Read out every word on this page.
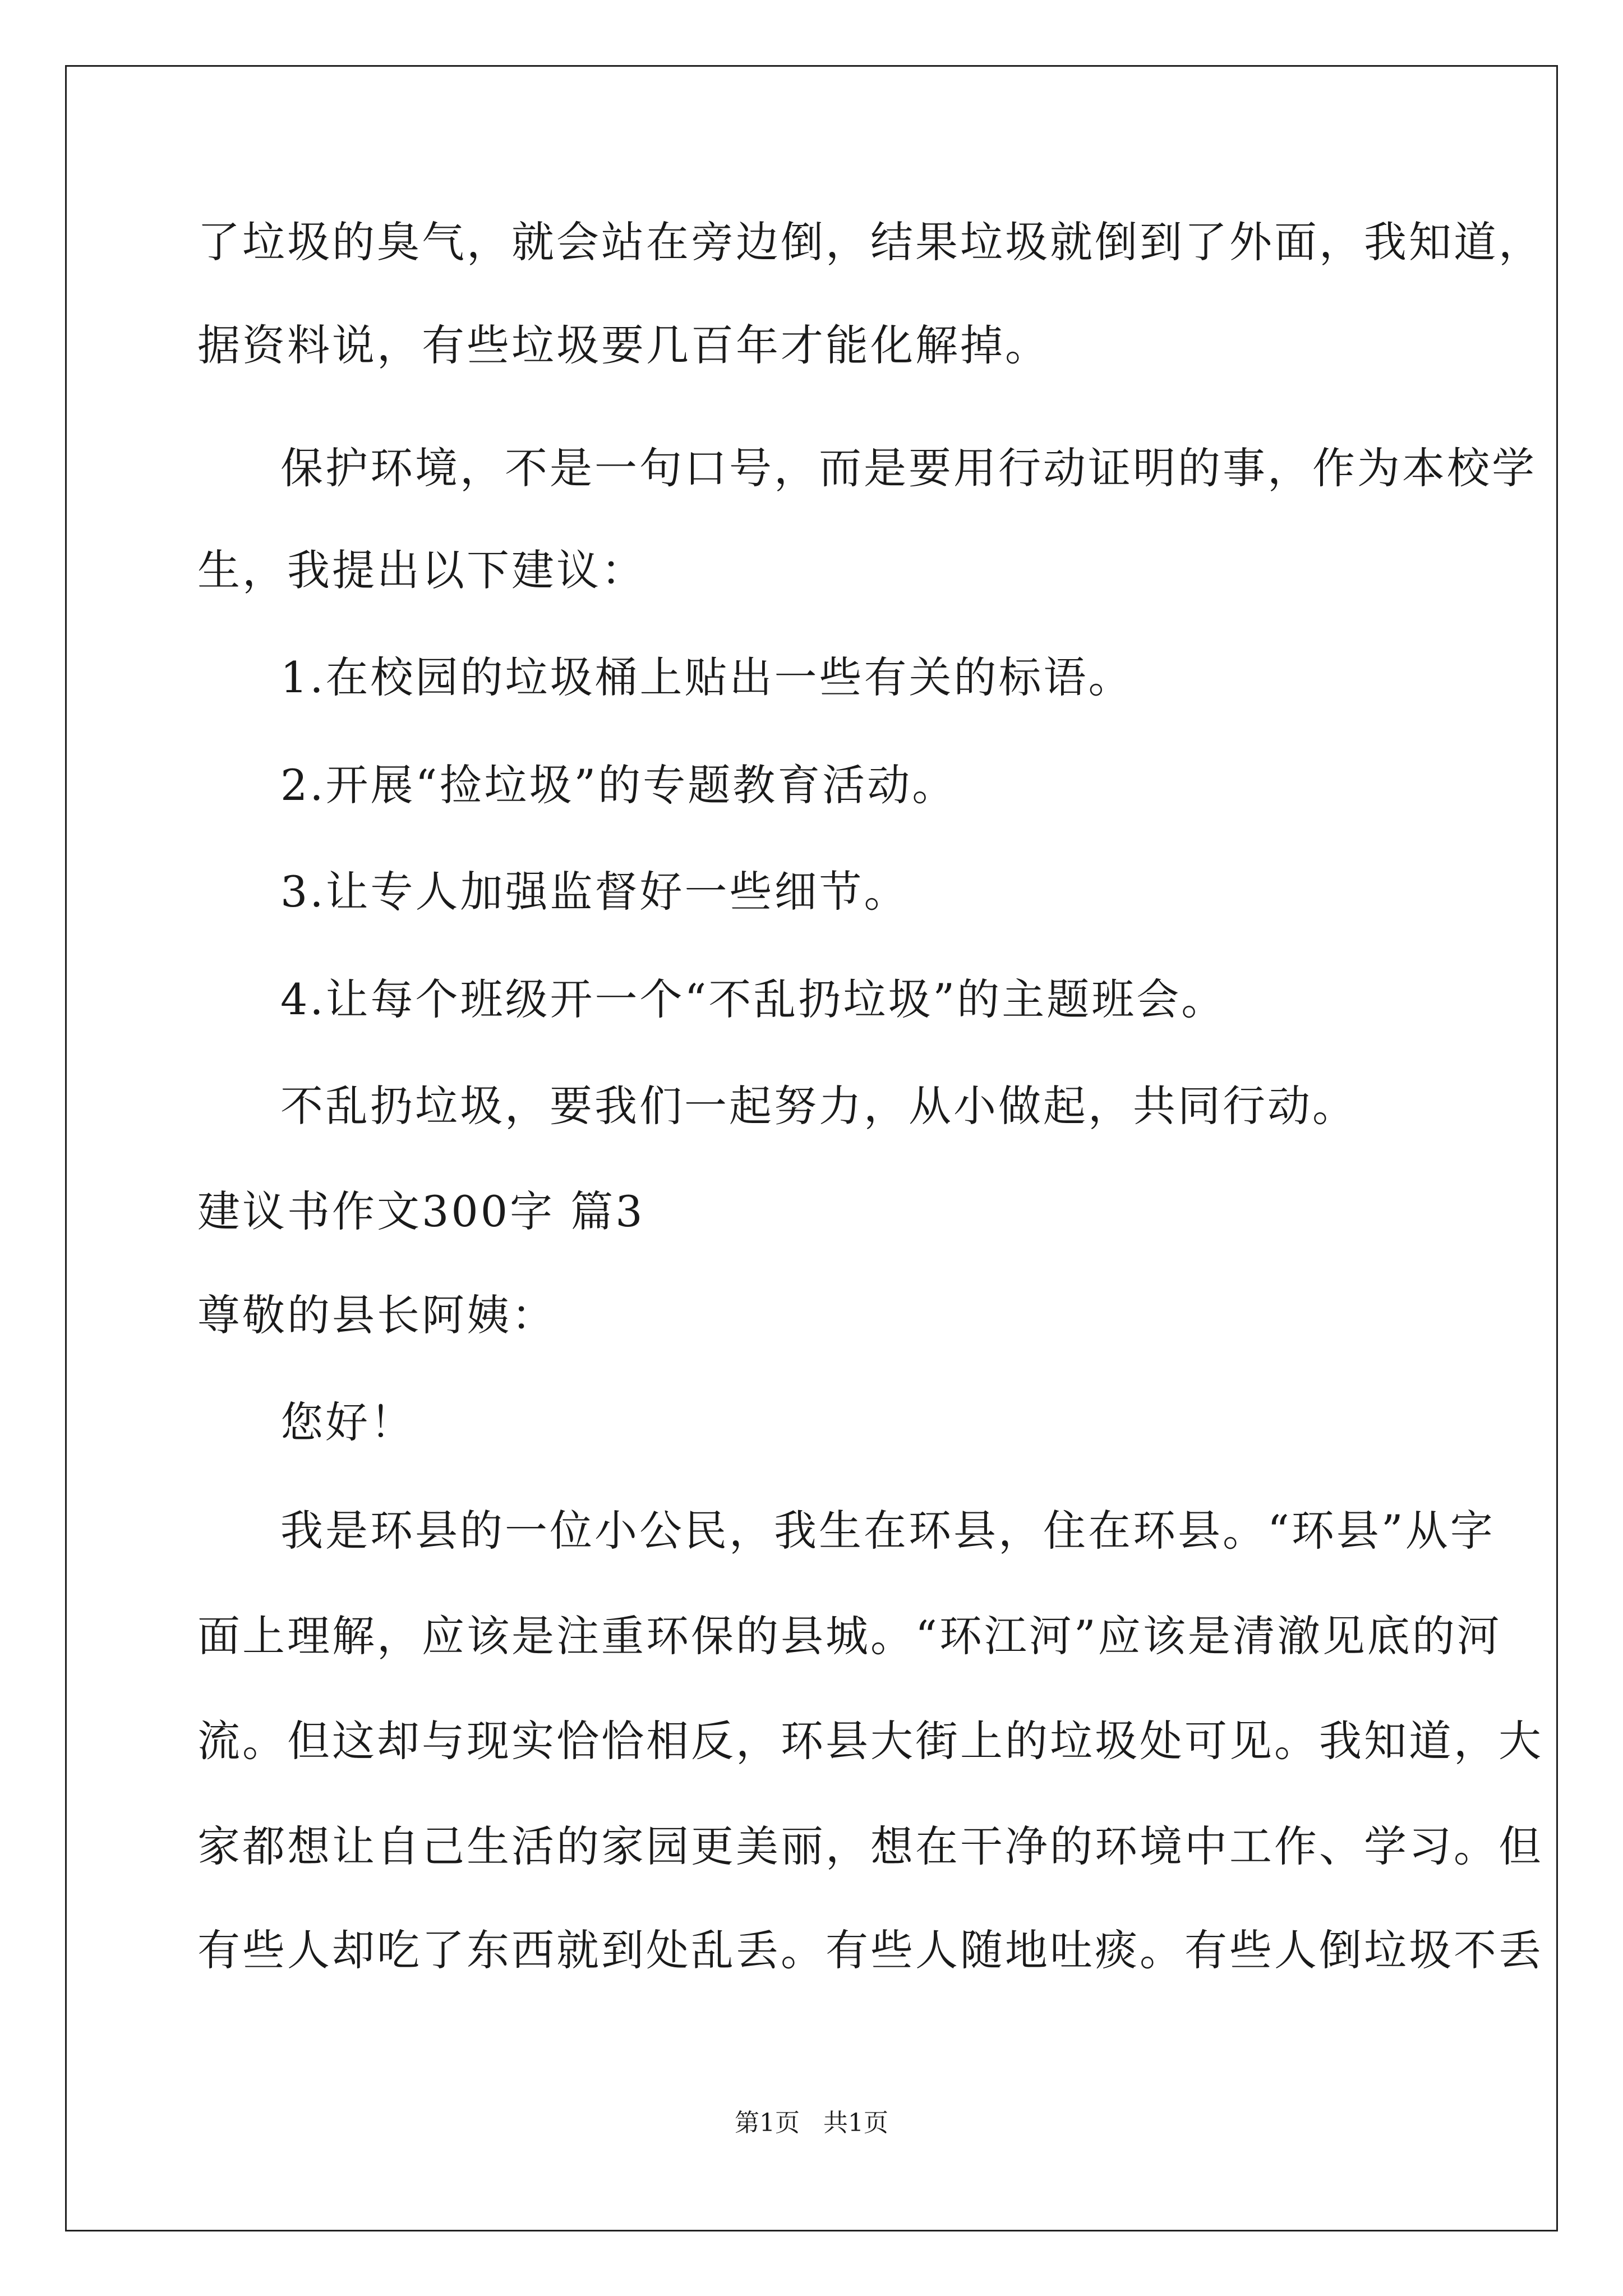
了垃圾的臭气，就会站在旁边倒，结果垃圾就倒到了外面，我知道，
据资料说，有些垃圾要几百年才能化解掉。
保护环境，不是一句口号，而是要用行动证明的事，作为本校学
生，我提出以下建议：
1.在校园的垃圾桶上贴出一些有关的标语。
2.开展“捡垃圾”的专题教育活动。
3.让专人加强监督好一些细节。
4.让每个班级开一个“不乱扔垃圾”的主题班会。
不乱扔垃圾，要我们一起努力，从小做起，共同行动。
建议书作文300字 篇3
尊敬的县长阿姨：
您好！
我是环县的一位小公民，我生在环县，住在环县。“环县”从字
面上理解，应该是注重环保的县城。“环江河”应该是清澈见底的河
流。但这却与现实恰恰相反，环县大街上的垃圾处可见。我知道，大
家都想让自己生活的家园更美丽，想在干净的环境中工作、学习。但
有些人却吃了东西就到处乱丢。有些人随地吐痰。有些人倒垃圾不丢
第1页   共1页
